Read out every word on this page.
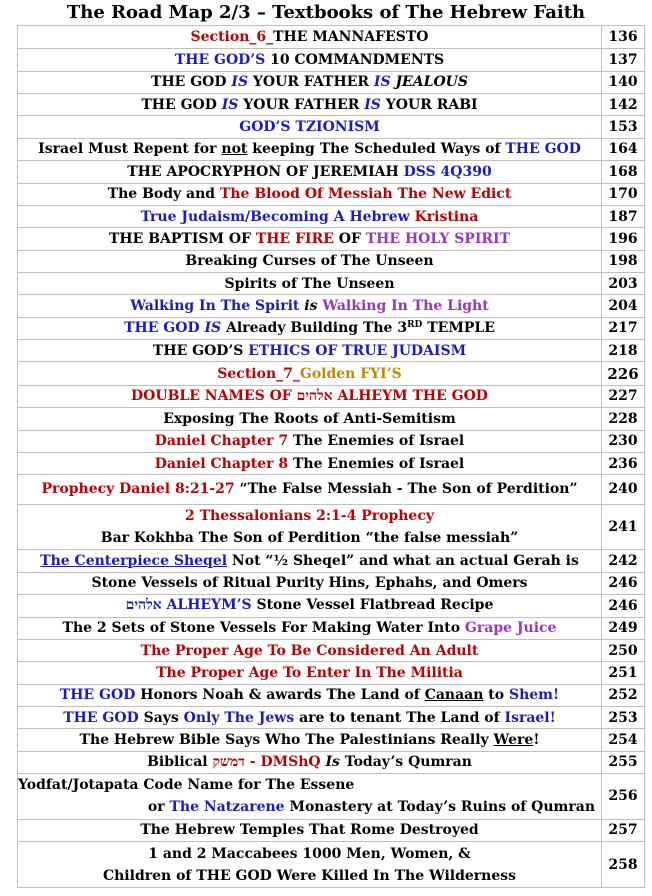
The Road Map 2/3 – Textbooks of The Hebrew Faith
Section_6_THE MANNAFESTO	136
THE GOD’S 10 COMMANDMENTS	137
THE GOD IS YOUR FATHER IS JEALOUS	140
THE GOD IS YOUR FATHER IS YOUR RABI	142
GOD’S TZIONISM	153
Israel Must Repent for not keeping The Scheduled Ways of THE GOD	164
THE APOCRYPHON OF JEREMIAH DSS 4Q390	168
The Body and The Blood Of Messiah The New Edict	170
True Judaism/Becoming A Hebrew Kristina	187
THE BAPTISM OF THE FIRE OF THE HOLY SPIRIT	196
Breaking Curses of The Unseen	198
Spirits of The Unseen	203
Walking In The Spirit is Walking In The Light	204
THE GOD IS Already Building The 3RD TEMPLE	217
THE GOD’S ETHICS OF TRUE JUDAISM	218
Section_7_Golden FYI’S	226
DOUBLE NAMES OF אלהים ALHEYM THE GOD	227
Exposing The Roots of Anti-Semitism	228
Daniel Chapter 7 The Enemies of Israel	230
Daniel Chapter 8 The Enemies of Israel	236
Prophecy Daniel 8:21-27 “The False Messiah - The Son of Perdition”	240

2 Thessalonians 2:1-4 Prophecy
Bar Kokhba The Son of Perdition “the false messiah”	241
The Centerpiece Sheqel Not “½ Sheqel” and what an actual Gerah is	242
Stone Vessels of Ritual Purity Hins, Ephahs, and Omers	246
אלהים ALHEYM’S Stone Vessel Flatbread Recipe	246
The 2 Sets of Stone Vessels For Making Water Into Grape Juice	249
The Proper Age To Be Considered An Adult	250
The Proper Age To Enter In The Militia	251
THE GOD Honors Noah & awards The Land of Canaan to Shem!	252
THE GOD Says Only The Jews are to tenant The Land of Israel!	253
The Hebrew Bible Says Who The Palestinians Really Were!	254
Biblical דמשק - DMShQ Is Today’s Qumran	255

Yodfat/Jotapata Code Name for The Essene
or The Natzarene Monastery at Today’s Ruins of Qumran	256
The Hebrew Temples That Rome Destroyed	257

1 and 2 Maccabees 1000 Men, Women, &
Children of THE GOD Were Killed In The Wilderness	258
